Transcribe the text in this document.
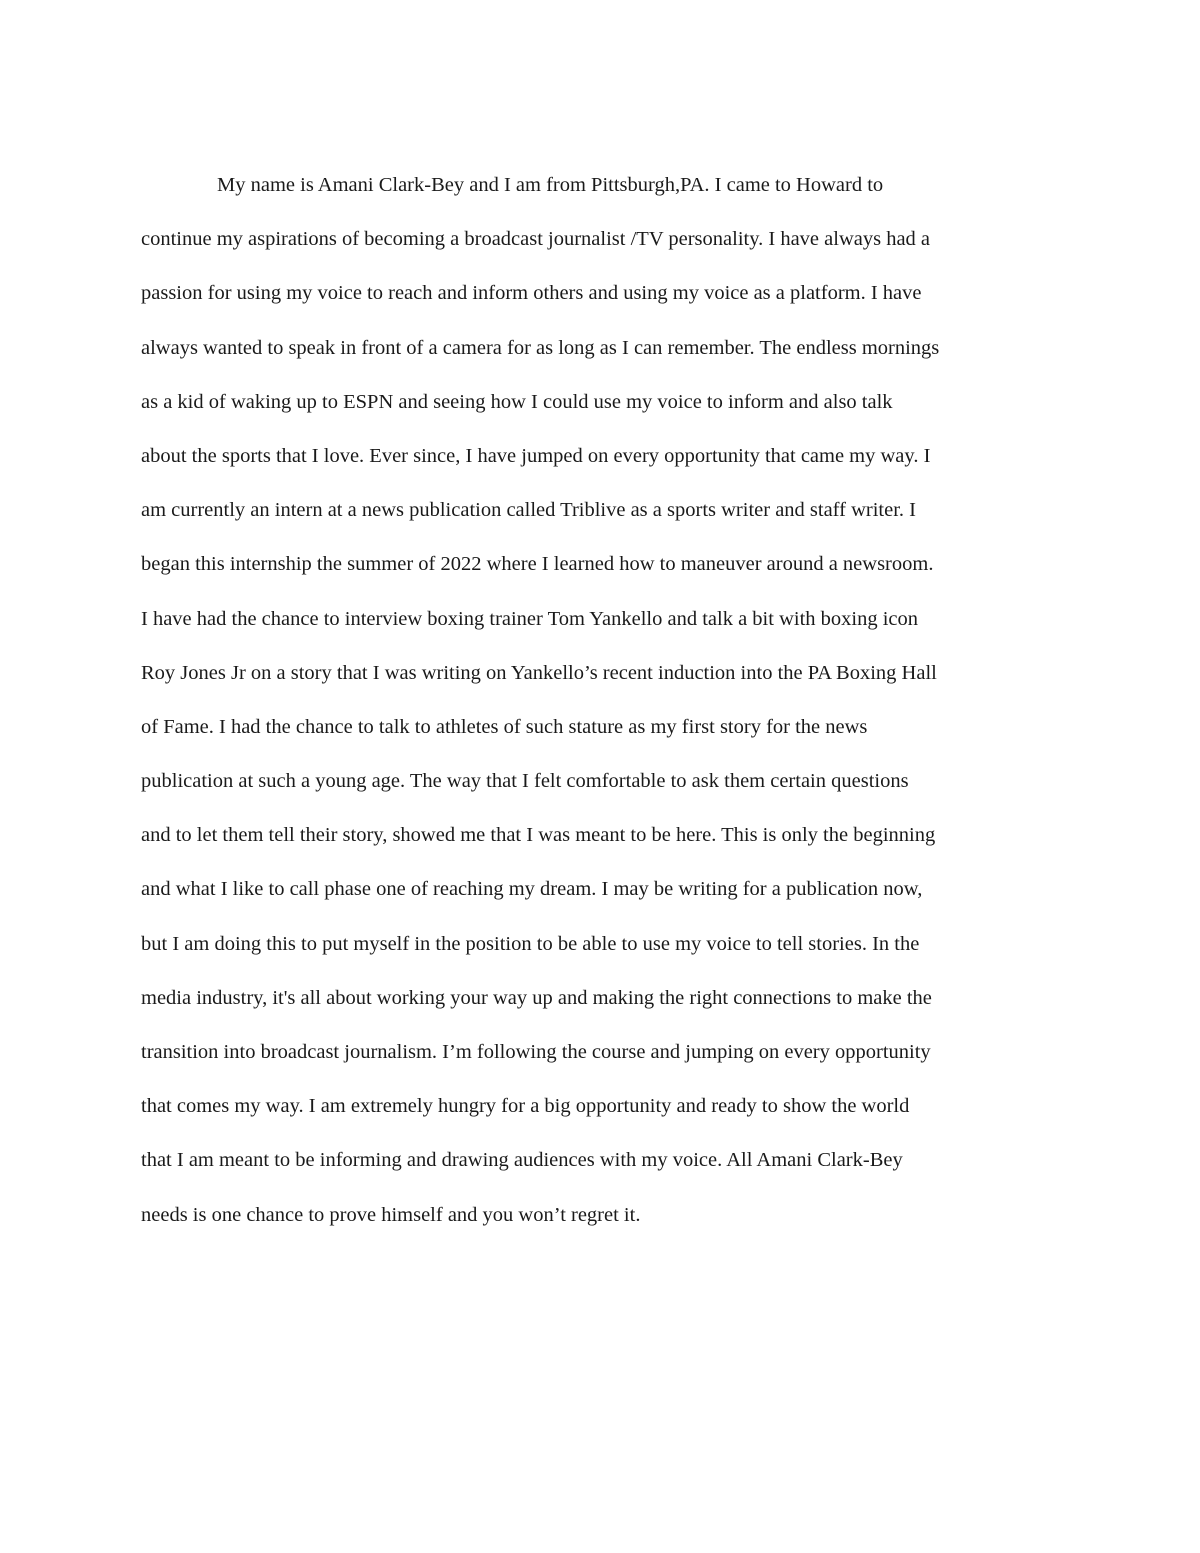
My name is Amani Clark-Bey and I am from Pittsburgh,PA. I came to Howard to
continue my aspirations of becoming a broadcast journalist /TV personality. I have always had a
passion for using my voice to reach and inform others and using my voice as a platform. I have
always wanted to speak in front of a camera for as long as I can remember. The endless mornings
as a kid of waking up to ESPN and seeing how I could use my voice to inform and also talk
about the sports that I love. Ever since, I have jumped on every opportunity that came my way. I
am currently an intern at a news publication called Triblive as a sports writer and staff writer. I
began this internship the summer of 2022 where I learned how to maneuver around a newsroom.
I have had the chance to interview boxing trainer Tom Yankello and talk a bit with boxing icon
Roy Jones Jr on a story that I was writing on Yankello’s recent induction into the PA Boxing Hall
of Fame. I had the chance to talk to athletes of such stature as my first story for the news
publication at such a young age. The way that I felt comfortable to ask them certain questions
and to let them tell their story, showed me that I was meant to be here. This is only the beginning
and what I like to call phase one of reaching my dream. I may be writing for a publication now,
but I am doing this to put myself in the position to be able to use my voice to tell stories. In the
media industry, it's all about working your way up and making the right connections to make the
transition into broadcast journalism. I’m following the course and jumping on every opportunity
that comes my way. I am extremely hungry for a big opportunity and ready to show the world
that I am meant to be informing and drawing audiences with my voice. All Amani Clark-Bey
needs is one chance to prove himself and you won’t regret it.
